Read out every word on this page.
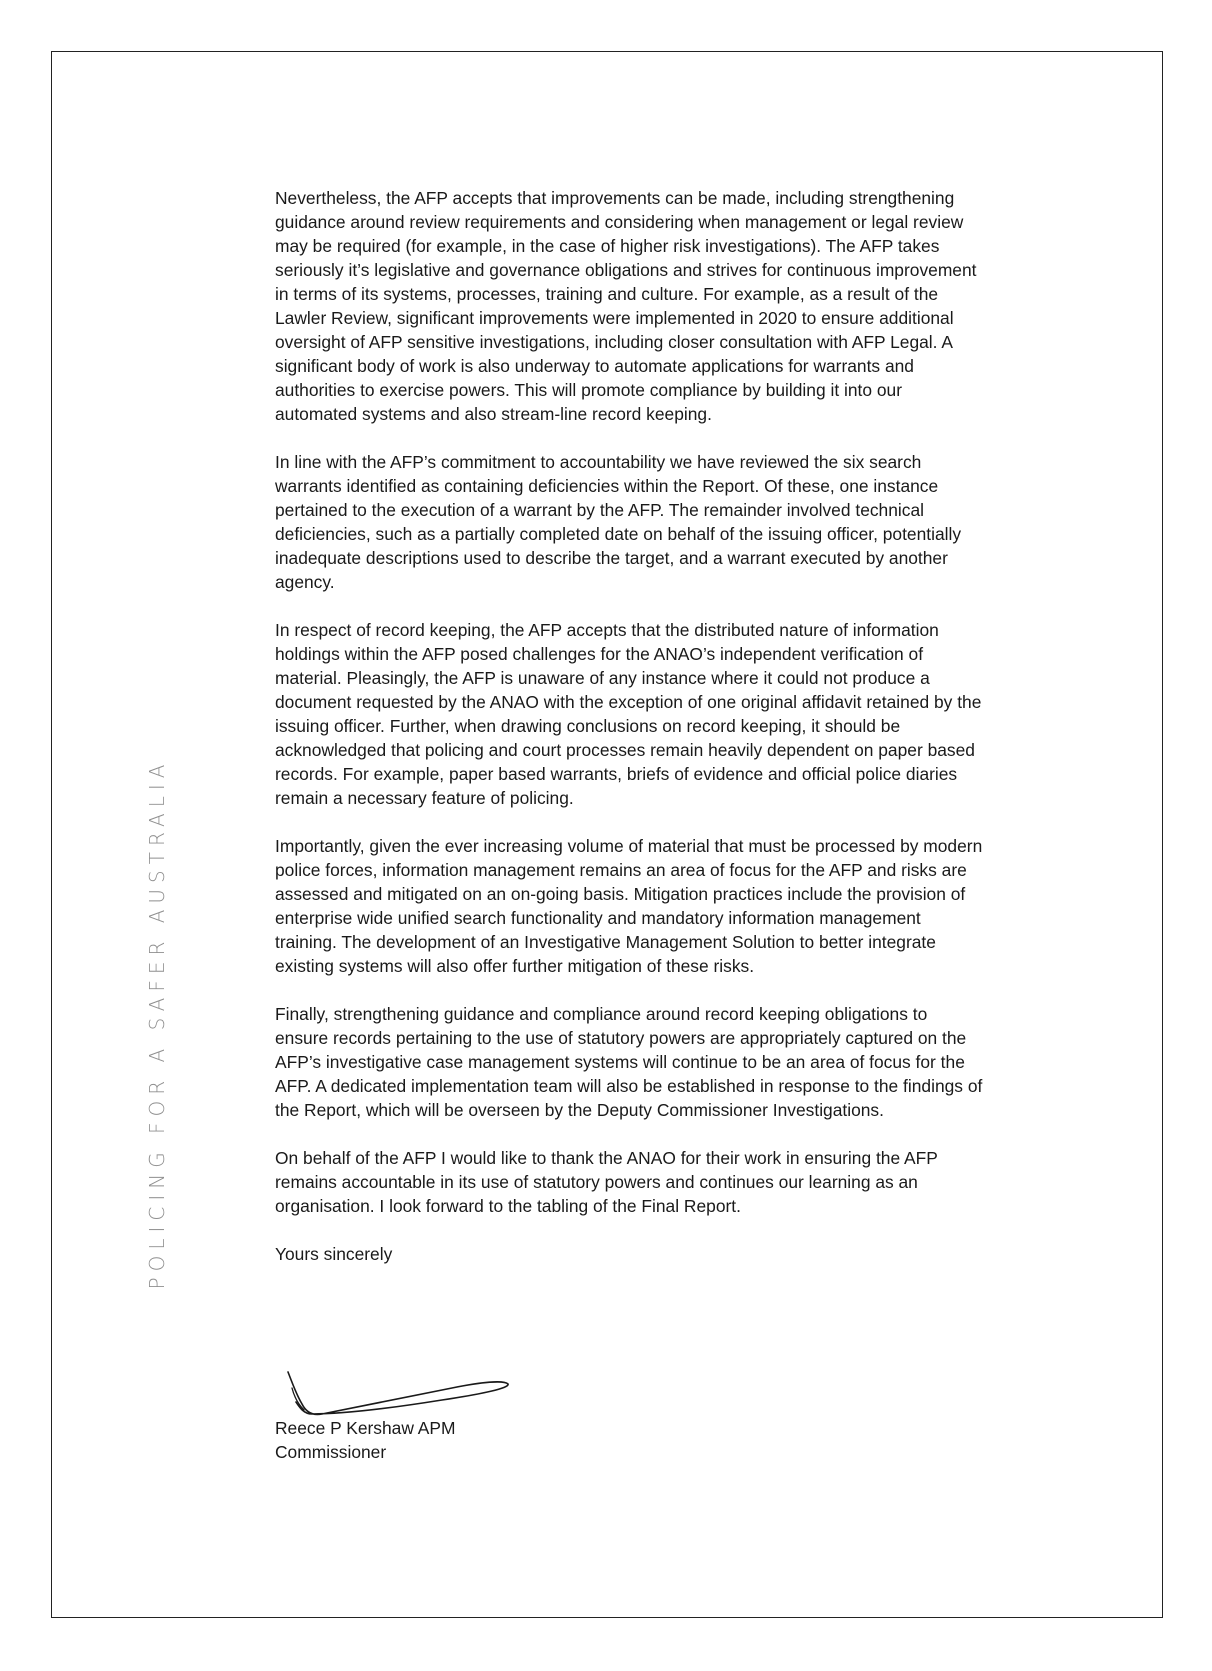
POLICING FOR A SAFER AUSTRALIA

Nevertheless, the AFP accepts that improvements can be made, including strengthening guidance around review requirements and considering when management or legal review may be required (for example, in the case of higher risk investigations). The AFP takes seriously it’s legislative and governance obligations and strives for continuous improvement in terms of its systems, processes, training and culture. For example, as a result of the Lawler Review, significant improvements were implemented in 2020 to ensure additional oversight of AFP sensitive investigations, including closer consultation with AFP Legal. A significant body of work is also underway to automate applications for warrants and authorities to exercise powers. This will promote compliance by building it into our automated systems and also stream-line record keeping.

In line with the AFP’s commitment to accountability we have reviewed the six search warrants identified as containing deficiencies within the Report. Of these, one instance pertained to the execution of a warrant by the AFP. The remainder involved technical deficiencies, such as a partially completed date on behalf of the issuing officer, potentially inadequate descriptions used to describe the target, and a warrant executed by another agency.

In respect of record keeping, the AFP accepts that the distributed nature of information holdings within the AFP posed challenges for the ANAO’s independent verification of material. Pleasingly, the AFP is unaware of any instance where it could not produce a document requested by the ANAO with the exception of one original affidavit retained by the issuing officer. Further, when drawing conclusions on record keeping, it should be acknowledged that policing and court processes remain heavily dependent on paper based records. For example, paper based warrants, briefs of evidence and official police diaries remain a necessary feature of policing.

Importantly, given the ever increasing volume of material that must be processed by modern police forces, information management remains an area of focus for the AFP and risks are assessed and mitigated on an on-going basis. Mitigation practices include the provision of enterprise wide unified search functionality and mandatory information management training. The development of an Investigative Management Solution to better integrate existing systems will also offer further mitigation of these risks.

Finally, strengthening guidance and compliance around record keeping obligations to ensure records pertaining to the use of statutory powers are appropriately captured on the AFP’s investigative case management systems will continue to be an area of focus for the AFP. A dedicated implementation team will also be established in response to the findings of the Report, which will be overseen by the Deputy Commissioner Investigations.

On behalf of the AFP I would like to thank the ANAO for their work in ensuring the AFP remains accountable in its use of statutory powers and continues our learning as an organisation. I look forward to the tabling of the Final Report.

Yours sincerely

Reece P Kershaw APM
Commissioner
